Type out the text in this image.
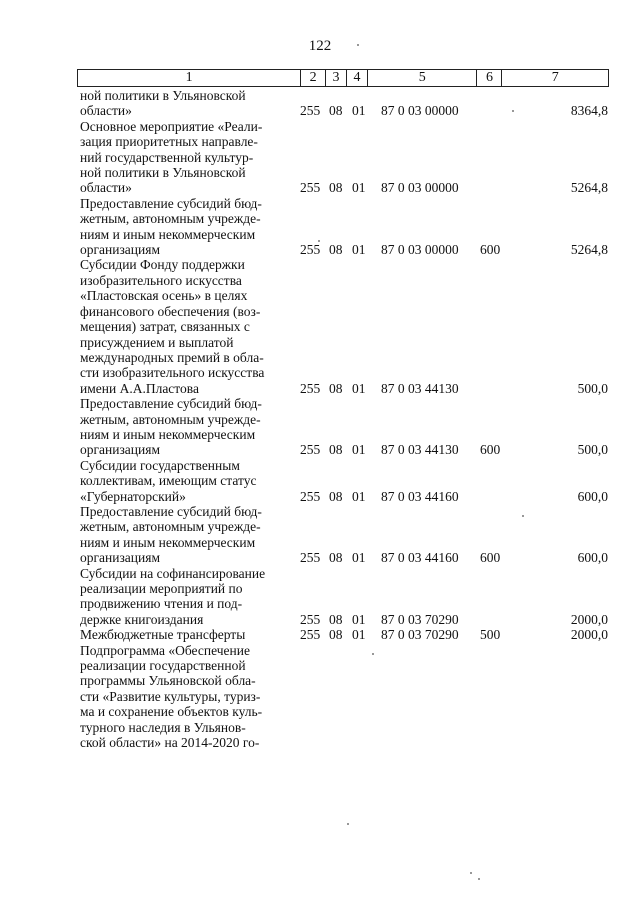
122
1	2	3 4	5	6	7
ной политики в Ульяновской
области»	255 08 01 87 0 03 00000	8364,8
Основное мероприятие «Реали-
зация приоритетных направле-
ний государственной культур-
ной политики в Ульяновской
области»	255 08 01 87 0 03 00000	5264,8
Предоставление субсидий бюд-
жетным, автономным учрежде-
ниям и иным некоммерческим
организациям	255 08 01 87 0 03 00000 600	5264,8
Субсидии Фонду поддержки
изобразительного искусства
«Пластовская осень» в целях
финансового обеспечения (воз-
мещения) затрат, связанных с
присуждением и выплатой
международных премий в обла-
сти изобразительного искусства
имени А.А.Пластова	255 08 01 87 0 03 44130	500,0
Предоставление субсидий бюд-
жетным, автономным учрежде-
ниям и иным некоммерческим
организациям	255 08 01 87 0 03 44130 600	500,0
Субсидии государственным
коллективам, имеющим статус
«Губернаторский»	255 08 01 87 0 03 44160	600,0
Предоставление субсидий бюд-
жетным, автономным учрежде-
ниям и иным некоммерческим
организациям	255 08 01 87 0 03 44160 600	600,0
Субсидии на софинансирование
реализации мероприятий по
продвижению чтения и под-
держке книгоиздания	255 08 01 87 0 03 70290	2000,0
Межбюджетные трансферты	255 08 01 87 0 03 70290 500	2000,0
Подпрограмма «Обеспечение
реализации государственной
программы Ульяновской обла-
сти «Развитие культуры, туриз-
ма и сохранение объектов куль-
турного наследия в Ульянов-
ской области» на 2014-2020 го-
